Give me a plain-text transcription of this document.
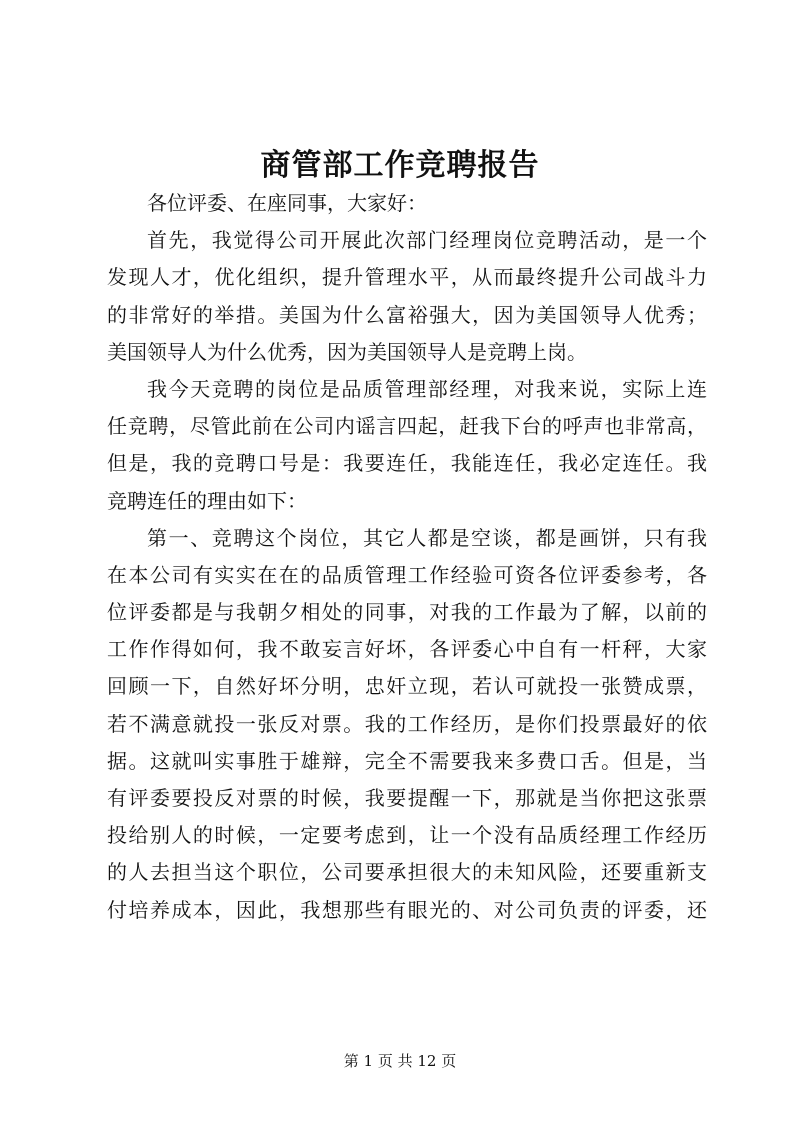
商管部工作竞聘报告
各位评委、在座同事，大家好：
首先，我觉得公司开展此次部门经理岗位竞聘活动，是一个
发现人才，优化组织，提升管理水平，从而最终提升公司战斗力
的非常好的举措。美国为什么富裕强大，因为美国领导人优秀；
美国领导人为什么优秀，因为美国领导人是竞聘上岗。
我今天竞聘的岗位是品质管理部经理，对我来说，实际上连
任竞聘，尽管此前在公司内谣言四起，赶我下台的呼声也非常高，
但是，我的竞聘口号是：我要连任，我能连任，我必定连任。我
竞聘连任的理由如下：
第一、竞聘这个岗位，其它人都是空谈，都是画饼，只有我
在本公司有实实在在的品质管理工作经验可资各位评委参考，各
位评委都是与我朝夕相处的同事，对我的工作最为了解，以前的
工作作得如何，我不敢妄言好坏，各评委心中自有一杆秤，大家
回顾一下，自然好坏分明，忠奸立现，若认可就投一张赞成票，
若不满意就投一张反对票。我的工作经历，是你们投票最好的依
据。这就叫实事胜于雄辩，完全不需要我来多费口舌。但是，当
有评委要投反对票的时候，我要提醒一下，那就是当你把这张票
投给别人的时候，一定要考虑到，让一个没有品质经理工作经历
的人去担当这个职位，公司要承担很大的未知风险，还要重新支
付培养成本，因此，我想那些有眼光的、对公司负责的评委，还
第 1 页 共 12 页
